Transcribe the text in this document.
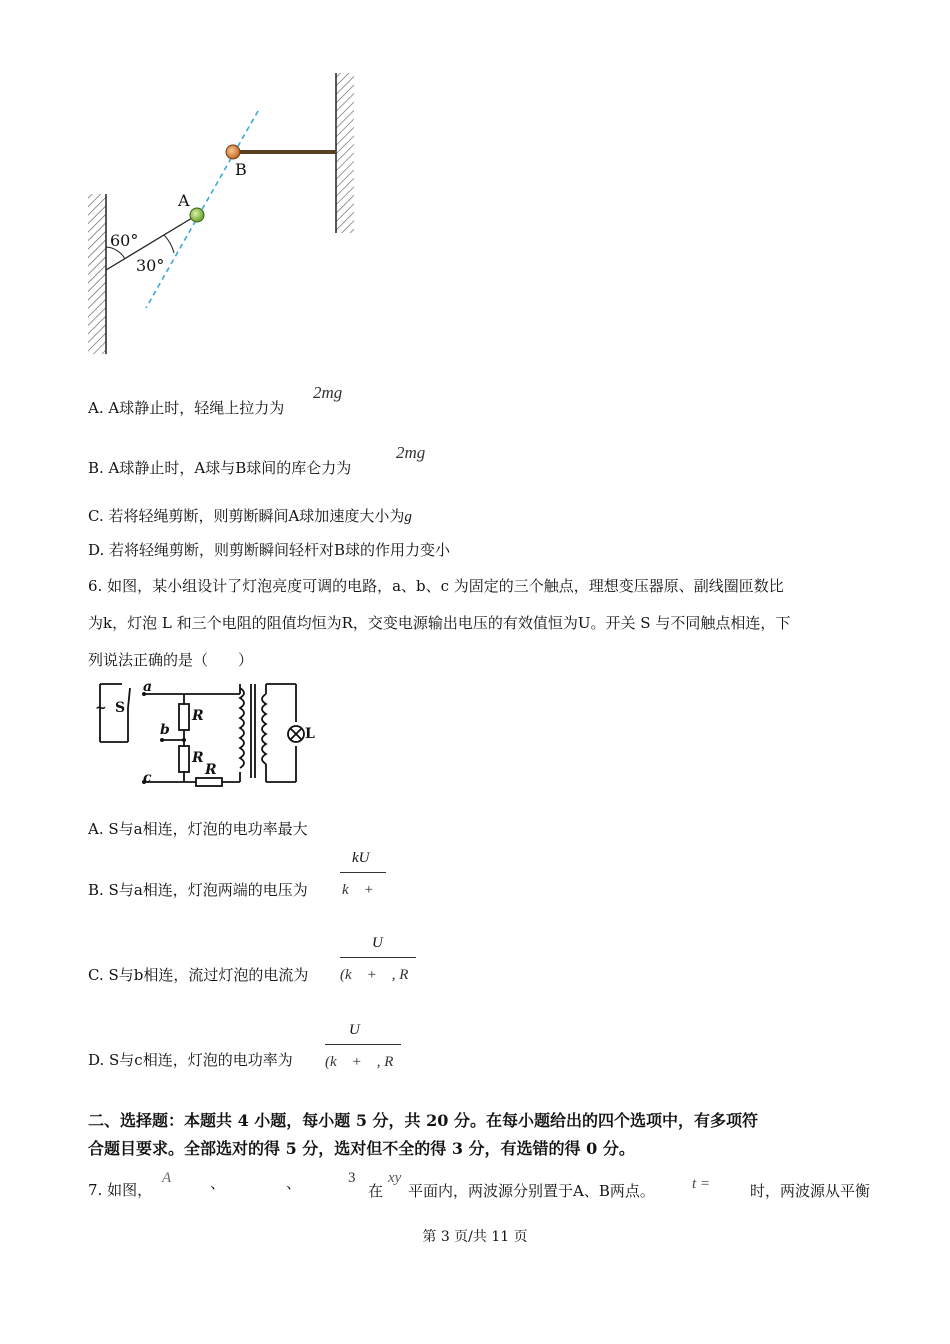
B
A
60°
30°
A. A球静止时，轻绳上拉力为
2mg
B. A球静止时，A球与B球间的库仑力为
2mg
C. 若将轻绳剪断，则剪断瞬间A球加速度大小为g
D. 若将轻绳剪断，则剪断瞬间轻杆对B球的作用力变小
6. 如图，某小组设计了灯泡亮度可调的电路，a、b、c 为固定的三个触点，理想变压器原、副线圈匝数比
为k，灯泡 L 和三个电阻的阻值均恒为R，交变电源输出电压的有效值恒为U。开关 S 与不同触点相连，下
列说法正确的是（　　）
~ S
a
b
c
R
R
R
L
A. S与a相连，灯泡的电功率最大
B. S与a相连，灯泡两端的电压为
kU
k　+
C. S与b相连，流过灯泡的电流为
U
(k　+　, R
D. S与c相连，灯泡的电功率为
U
(k　+　, R
二、选择题：本题共 4 小题，每小题 5 分，共 20 分。在每小题给出的四个选项中，有多项符
合题目要求。全部选对的得 5 分，选对但不全的得 3 分，有选错的得 0 分。
7. 如图，
A	、	、	3
在
xy
平面内，两波源分别置于A、B两点。 t =	时，两波源从平衡
第 3 页/共 11 页
